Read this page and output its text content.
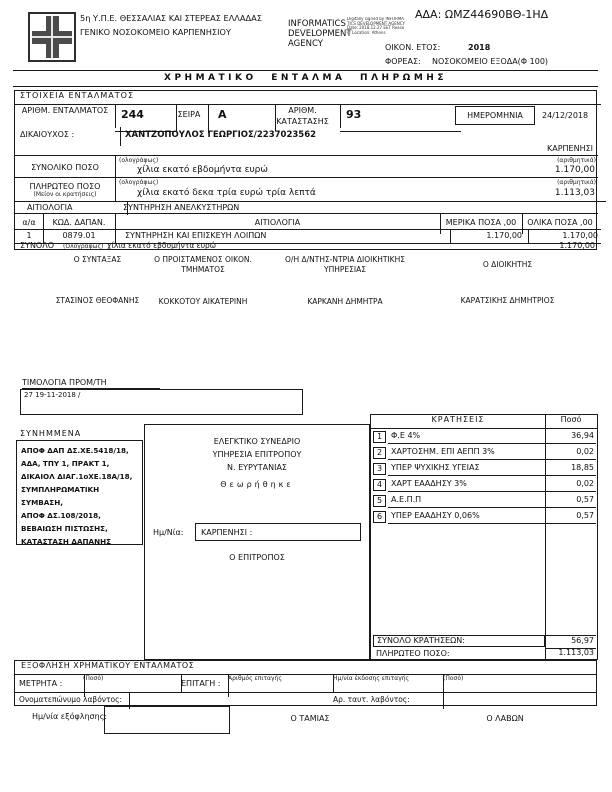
5η Υ.Π.Ε. ΘΕΣΣΑΛΙΑΣ ΚΑΙ ΣΤΕΡΕΑΣ ΕΛΛΑΔΑΣ
ΓΕΝΙΚΟ ΝΟΣΟΚΟΜΕΙΟ ΚΑΡΠΕΝΗΣΙΟΥ
INFORMATICS DEVELOPMENT AGENCY
Digitally signed by INFORMATICS DEVELOPMENT AGENCY Date: 2018.12.27 EET Reason: Location: Athens
ΑΔΑ: ΩΜΖ44690ΒΘ-1ΗΔ
ΟΙΚΟΝ. ΕΤΟΣ:	2018
ΦΟΡΕΑΣ: ΝΟΣΟΚΟΜΕΙΟ ΕΞΟΔΑ(Φ 100)
ΧΡΗΜΑΤΙΚΟ ΕΝΤΑΛΜΑ ΠΛΗΡΩΜΗΣ
ΣΤΟΙΧΕΙΑ ΕΝΤΑΛΜΑΤΟΣ
ΑΡΙΘΜ. ΕΝΤΑΛΜΑΤΟΣ	244	ΣΕΙΡΑ	Α	ΑΡΙΘΜ. ΚΑΤΑΣΤΑΣΗΣ
93	ΗΜΕΡΟΜΗΝΙΑ	24/12/2018
ΔΙΚΑΙΟΥΧΟΣ :	ΧΑΝΤΖΟΠΟΥΛΟΣ ΓΕΩΡΓΙΟΣ/2237023562
ΚΑΡΠΕΝΗΣΙ
ΣΥΝΟΛΙΚΟ ΠΟΣΟ
(ολογράφως)
χίλια εκατό εβδομήντα ευρώ
(αριθμητικά)
1.170,00
ΠΛΗΡΩΤΕΟ ΠΟΣΟ
(Μείον οι κρατήσεις)
(ολογράφως)
χίλια εκατό δεκα τρία ευρώ τρία λεπτά
(αριθμητικά)
1.113,03
ΑΙΤΙΟΛΟΓΙΑ	ΣΥΝΤΗΡΗΣΗ ΑΝΕΛΚΥΣΤΗΡΩΝ
α/α	ΚΩΔ. ΔΑΠΑΝ.	ΑΙΤΙΟΛΟΓΙΑ	ΜΕΡΙΚΑ ΠΟΣΑ ,00	ΟΛΙΚΑ ΠΟΣΑ ,00
1	0879.01	ΣΥΝΤΗΡΗΣΗ ΚΑΙ ΕΠΙΣΚΕΥΗ ΛΟΙΠΩΝ	1.170,00	1.170,00
ΣΥΝΟΛΟ (Ολογράφως) χίλια εκατό εβδομήντα ευρώ	1.170,00
Ο ΣΥΝΤΑΞΑΣ
ΣΤΑΣΙΝΟΣ ΘΕΟΦΑΝΗΣ
Ο ΠΡΟΙΣΤΑΜΕΝΟΣ ΟΙΚΟΝ. ΤΜΗΜΑΤΟΣ
ΚΟΚΚΟΤΟΥ ΑΙΚΑΤΕΡΙΝΗ
Ο/Η Δ/ΝΤΗΣ-ΝΤΡΙΑ ΔΙΟΙΚΗΤΙΚΗΣ ΥΠΗΡΕΣΙΑΣ
ΚΑΡΚΑΝΗ ΔΗΜΗΤΡΑ
Ο ΔΙΟΙΚΗΤΗΣ
ΚΑΡΑΤΣΙΚΗΣ ΔΗΜΗΤΡΙΟΣ
ΤΙΜΟΛΟΓΙΑ ΠΡΟΜ/ΤΗ
27 19-11-2018 /
ΣΥΝΗΜΜΕΝΑ
ΑΠΟΦ ΔΑΠ ΔΣ.ΧΕ.5418/18,
ΑΔΑ, ΤΠΥ 1, ΠΡΑΚΤ 1,
ΔΙΚΑΙΟΛ ΔΙΑΓ.1οΧΕ.18Α/18,
ΣΥΜΠΛΗΡΩΜΑΤΙΚΗ
ΣΥΜΒΑΣΗ,
ΑΠΟΦ ΔΣ.108/2018,
ΒΕΒΑΙΩΣΗ ΠΙΣΤΩΣΗΣ,
ΚΑΤΑΣΤΑΣΗ ΔΑΠΑΝΗΣ
ΕΛΕΓΚΤΙΚΟ ΣΥΝΕΔΡΙΟ
ΥΠΗΡΕΣΙΑ ΕΠΙΤΡΟΠΟΥ
Ν. ΕΥΡΥΤΑΝΙΑΣ
Θεωρήθηκε
Ημ/Νία:	ΚΑΡΠΕΝΗΣΙ :
Ο ΕΠΙΤΡΟΠΟΣ
ΚΡΑΤΗΣΕΙΣ	Ποσό
1	Φ.Ε 4%	36,94
2	ΧΑΡΤΟΣΗΜ. ΕΠΙ ΑΕΠΠ 3%	0,02
3	ΥΠΕΡ ΨΥΧΙΚΗΣ ΥΓΕΙΑΣ	18,85
4	ΧΑΡΤ ΕΑΑΔΗΣΥ 3%	0,02
5	Α.Ε.Π.Π	0,57
6	ΥΠΕΡ ΕΑΑΔΗΣΥ 0,06%	0,57
ΣΥΝΟΛΟ ΚΡΑΤΗΣΕΩΝ:	56,97
ΠΛΗΡΩΤΕΟ ΠΟΣΟ:	1.113,03
ΕΞΟΦΛΗΣΗ ΧΡΗΜΑΤΙΚΟΥ ΕΝΤΑΛΜΑΤΟΣ
ΜΕΤΡΗΤΑ :
(Ποσό)
ΕΠΙΤΑΓΗ :
Αριθμός επιταγής	Ημ/νία έκδοσης επιταγής	(Ποσό)
Ονοματεπώνυμο λαβόντος:	Αρ. ταυτ. λαβόντος:
Ημ/νία εξόφλησης:	Ο ΤΑΜΙΑΣ	Ο ΛΑΒΩΝ
